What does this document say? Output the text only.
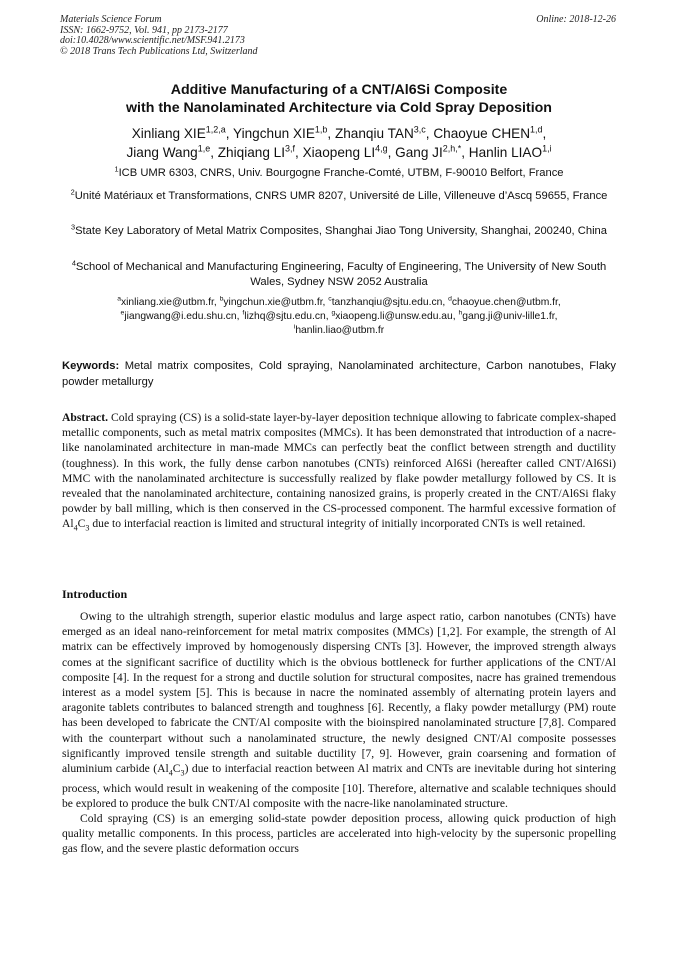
Materials Science Forum
ISSN: 1662-9752, Vol. 941, pp 2173-2177
doi:10.4028/www.scientific.net/MSF.941.2173
© 2018 Trans Tech Publications Ltd, Switzerland
Online: 2018-12-26
Additive Manufacturing of a CNT/Al6Si Composite
with the Nanolaminated Architecture via Cold Spray Deposition
Xinliang XIE$^{1,2,a}$, Yingchun XIE$^{1,b}$, Zhanqiu TAN$^{3,c}$, Chaoyue CHEN$^{1,d}$,
Jiang Wang$^{1,e}$, Zhiqiang LI$^{3,f}$, Xiaopeng LI$^{4,g}$, Gang $JI^{2,h,*}$, Hanlin LIAO$^{1,i}$
$^1$ICB UMR 6303, CNRS, Univ. Bourgogne Franche-Comté, UTBM, F-90010 Belfort, France
$^2$Unité Matériaux et Transformations, CNRS UMR 8207, Université de Lille, Villeneuve d’Ascq 59655, France
$^3$State Key Laboratory of Metal Matrix Composites, Shanghai Jiao Tong University, Shanghai, 200240, China
$^4$School of Mechanical and Manufacturing Engineering, Faculty of Engineering, The University of New South Wales, Sydney NSW 2052 Australia
$^a$xinliang.xie@utbm.fr, $^b$yingchun.xie@utbm.fr, $^c$tanzhanqiu@sjtu.edu.cn, $^d$chaoyue.chen@utbm.fr,
$^e$jiangwang@i.edu.shu.cn, $^f$lizhq@sjtu.edu.cn, $^g$xiaopeng.li@unsw.edu.au, $^h$gang.ji@univ-lille1.fr,
$^i$hanlin.liao@utbm.fr
Keywords: Metal matrix composites, Cold spraying, Nanolaminated architecture, Carbon nanotubes, Flaky powder metallurgy
Abstract. Cold spraying (CS) is a solid-state layer-by-layer deposition technique allowing to fabricate complex-shaped metallic components, such as metal matrix composites (MMCs). It has been demonstrated that introduction of a nacre-like nanolaminated architecture in man-made MMCs can perfectly beat the conflict between strength and ductility (toughness). In this work, the fully dense carbon nanotubes (CNTs) reinforced Al6Si (hereafter called CNT/Al6Si) MMC with the nanolaminated architecture is successfully realized by flake powder metallurgy followed by CS. It is revealed that the nanolaminated architecture, containing nanosized grains, is properly created in the CNT/Al6Si flaky powder by ball milling, which is then conserved in the CS-processed component. The harmful excessive formation of $Al_4C_3$ due to interfacial reaction is limited and structural integrity of initially incorporated CNTs is well retained.
Introduction

Owing to the ultrahigh strength, superior elastic modulus and large aspect ratio, carbon nanotubes (CNTs) have emerged as an ideal nano-reinforcement for metal matrix composites (MMCs) [1,2]. For example, the strength of Al matrix can be effectively improved by homogenously dispersing CNTs [3]. However, the improved strength always comes at the significant sacrifice of ductility which is the obvious bottleneck for further applications of the CNT/Al composite [4]. In the request for a strong and ductile solution for structural composites, nacre has grained tremendous interest as a model system [5]. This is because in nacre the nominated assembly of alternating protein layers and aragonite tablets contributes to balanced strength and toughness [6]. Recently, a flaky powder metallurgy (PM) route has been developed to fabricate the CNT/Al composite with the bioinspired nanolaminated structure [7,8]. Compared with the counterpart without such a nanolaminated structure, the newly designed CNT/Al composite possesses significantly improved tensile strength and suitable ductility [7, 9]. However, grain coarsening and formation of aluminium carbide $(Al_4C_3)$ due to interfacial reaction between Al matrix and CNTs are inevitable during hot sintering process, which would result in weakening of the composite [10]. Therefore, alternative and scalable techniques should be explored to produce the bulk CNT/Al composite with the nacre-like nanolaminated structure.

Cold spraying (CS) is an emerging solid-state powder deposition process, allowing quick production of high quality metallic components. In this process, particles are accelerated into high-velocity by the supersonic propelling gas flow, and the severe plastic deformation occurs
